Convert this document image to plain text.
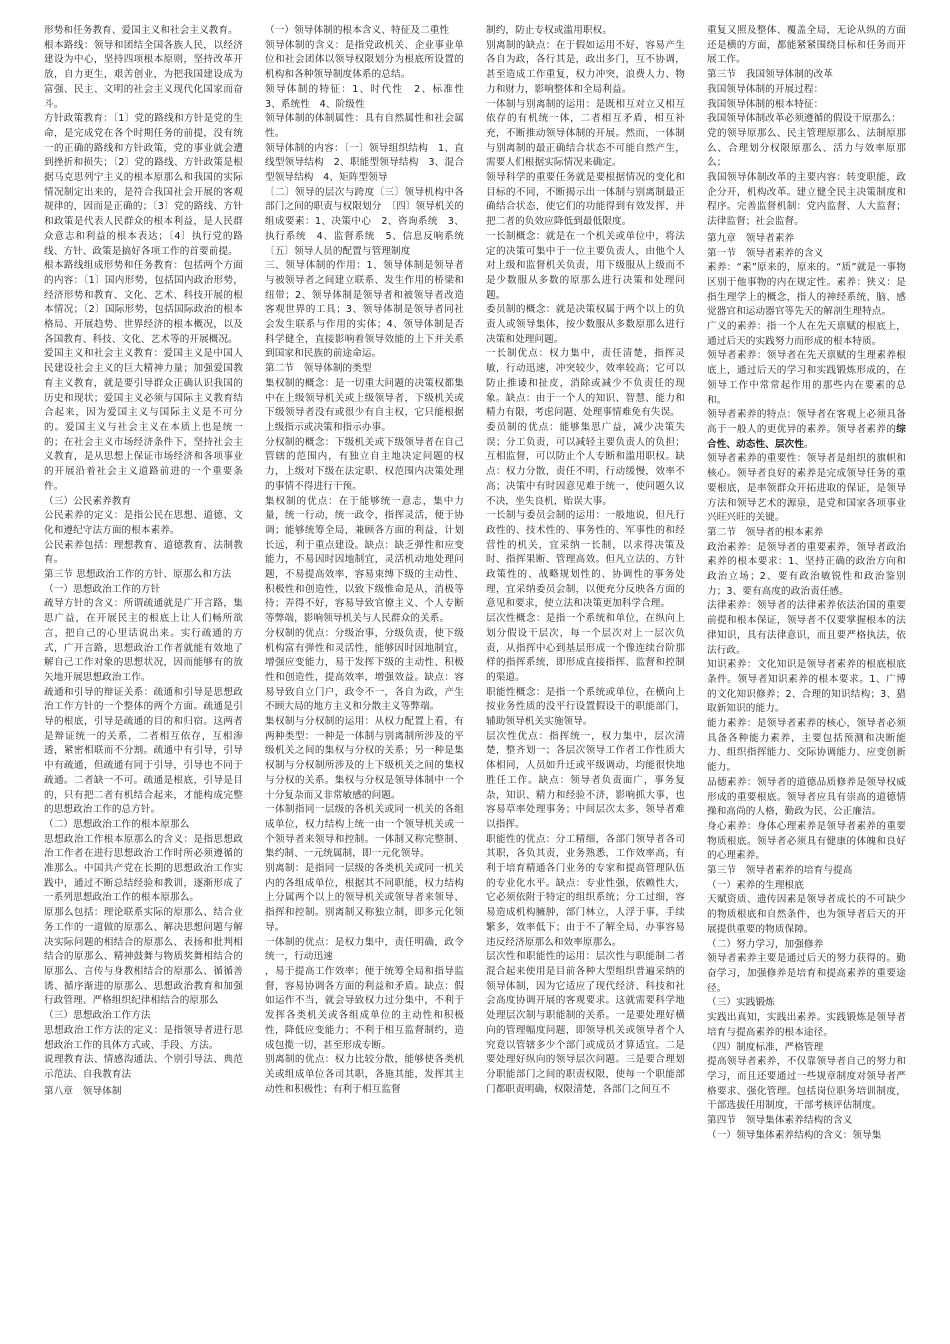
形势和任务教育、爱国主义和社会主义教育。

根本路线：领导和团结全国各族人民，以经济建设为中心，坚持四项根本原则，坚持改革开放，自力更生，艰苦创业，为把我国建设成为富强、民主、文明的社会主义现代化国家而奋斗。

方针政策教育：〔1〕党的路线和方针是党的生命，是完成党在各个时期任务的前提，没有统一的正确的路线和方针政策，党的事业就会遭到挫折和损失；〔2〕党的路线、方针政策是根据马克思列宁主义的根本原那么和我国的实际情况制定出来的，是符合我国社会开展的客观规律的，因而是正确的；〔3〕党的路线、方针和政策是代表人民群众的根本利益，是人民群众意志和利益的根本表达；〔4〕执行党的路线、方针、政策是搞好各项工作的首要前提。

根本路线组成形势和任务教育：包括两个方面的内容：〔1〕国内形势，包括国内政治形势，经济形势和教育、文化、艺术、科技开展的根本情况；〔2〕国际形势，包括国际政治的根本格局、开展趋势、世界经济的根本概况，以及各国教育、科技、文化、艺术等的开展概况。

爱国主义和社会主义教育：爱国主义是中国人民建设社会主义的巨大精神力量；加强爱国教育主义教育，就是要引导群众正确认识我国的历史和现状；爱国主义必须与国际主义教育结合起来，因为爱国主义与国际主义是不可分的。爱国主义与社会主义在本质上也是统一的；在社会主义市场经济条件下，坚持社会主义教育，是从思想上保证市场经济和各项事业的开展沿着社会主义道路前进的一个重要条件。

（三）公民素养教育

公民素养的定义：是指公民在思想、道德、文化和遵纪守法方面的根本素养。

公民素养包括：理想教育、道德教育、法制教育。

第三节 思想政治工作的方针、原那么和方法

（一）思想政治工作的方针

疏导方针的含义：所谓疏通就是广开言路，集思广益，在开展民主的根底上让人们畅所欲言，把自己的心里话说出来。实行疏通的方式，广开言路，思想政治工作者就能有效地了解自己工作对象的思想状况，因而能够有的放矢地开展思想政治工作。

疏通和引导的辩证关系：疏通和引导是思想政治工作方针的一个整体的两个方面。疏通是引导的根底，引导是疏通的目的和归宿。这两者是辩证统一的关系，二者相互依存，互相渗透，紧密相联而不分割。疏通中有引导，引导中有疏通，但疏通有同于引导，引导也不同于疏通。二者缺一不可。疏通是根底，引导是目的，只有把二者有机结合起来，才能构成完整的思想政治工作的总方针。

（二）思想政治工作的根本原那么

思想政治工作根本原那么的含义：是指思想政治工作者在进行思想政治工作时所必须遵循的准那么。中国共产党在长期的思想政治工作实践中，通过不断总结经验和教训，逐渐形成了一系列思想政治工作的根本原那么。

原那么包括：理论联系实际的原那么、结合业务工作的一道做的原那么、解决思想问题与解决实际问题的相结合的原那么、表扬和批判相结合的原那么、精神鼓舞与物质奖舞相结合的原那么、言传与身教相结合的原那么、循循善诱、循序渐进的原那么、思想政治教育和加强行政管理、严格组织纪律相结合的原那么

（三）思想政治工作方法

思想政治工作方法的定义：是指领导者进行思想政治工作的具体方式或、手段、方法。

说理教育法、情感沟通法、个别引导法、典范示范法、自我教育法

第八章　领导体制

（一）领导体制的根本含义、特征及二重性

领导体制的含义：是指党政机关、企业事业单位和社会团体以领导权限划分为根底所设置的机构和各种领导制度体系的总结。

领导体制的特征：1、时代性　2、标准性　3、系统性　4、阶级性

领导体制的体制属性：具有自然属性和社会属性。

领导体制的内容：〔一〕领导组织结构　1、直线型领导结构　2、职能型领导结构　3、混合型领导结构　4、矩阵型领导

〔二〕领导的层次与跨度〔三〕领导机构中各部门之间的职责与权限划分　〔四〕领导机关的组成要素：1、决策中心　2、咨询系统　3、执行系统　4、监督系统　5、信息反响系统　〔五〕领导人员的配置与管理制度

三、领导体制的作用：1、领导体制是领导者与被领导者之间建立联系、发生作用的桥梁和纽带；2、领导体制是领导者和被领导者改造客观世界的工具；3、领导体制是领导者同社会发生联系与作用的实体；4、领导体制是否科学健全，直接影响着领导效能的上下并关系到国家和民族的前途命运。

第二节　领导体制的类型

集权制的概念：是一切重大问题的决策权都集中在上级领导机关或上级领导者，下级机关或下级领导者没有或很少有自主权，它只能根据上级指示或决策和指示办事。

分权制的概念：下级机关或下级领导者在自己管辖的范围内，有独立自主地决定问题的权力，上级对下级在法定职、权范围内决策处理的事情不得进行干预。

集权制的优点：在于能够统一意志，集中力量，统一行动，统一政令，指挥灵活，便于协调；能够统筹全局，兼顾各方面的利益，计划长远，利于重点建设。缺点：缺乏弹性和应变能力，不易因时因地制宜，灵活机动地处理问题，不易提高效率，容易束缚下级的主动性、积极性和创造性，以致下级惟命是从，消极等待；弄得不好，容易导致官僚主义、个人专断等弊端，影响领导机关与人民群众的关系。

分权制的优点：分级治事，分级负责，使下级机构富有弹性和灵活性，能够因时因地制宜，增强应变能力，易于发挥下级的主动性、积极性和创造性，提高效率，增强效益。缺点：容易导致自立门户，政令不一，各自为政，产生不顾大局的地方主义和分散主义等弊端。

集权制与分权制的运用：从权力配置上看，有两种类型：一种是一体制与别离制所涉及的平级机关之间的集权与分权的关系；另一种是集权制与分权制所涉及的上下级机关之间的集权与分权的关系。集权与分权是领导体制中一个十分复杂而又非常敏感的问题。

一体制指同一层级的各机关或同一机关的各组成单位，权力结构上统一由一个领导机关或一个领导者来领导和控制。一体制又称完整制、集约制、一元统属制，即一元化领导。

别离制：是指同一层级的各类机关或同一机关内的各组成单位，根据其不同职能，权力结构上分属两个以上的领导机关或领导者来领导、指挥和控制。别离制又称独立制，即多元化领导。

一体制的优点：是权力集中，责任明确，政令统一，行动迅速

，易于提高工作效率；便于统筹全局和指导监督，容易协调各方面的利益和矛盾。缺点：假如运作不当，就会导致权力过分集中，不利于发挥各类机关或各组成单位的主动性和积极性，降低应变能力；不利于相互监督制约，造成包揽一切，甚至形成专断。

别离制的优点：权力比较分散，能够使各类机关或组成单位各司其职，各施其能，发挥其主动性和积极性；有利于相互监督

制约，防止专权或滥用职权。

别离制的缺点：在于假如运用不好，容易产生各自为政，各行其是，政出多门，互不协调，甚至造成工作重复，权力冲突，浪费人力、物力和财力，影响整体和全局利益。

一体制与别离制的运用：是既相互对立又相互依存的有机统一体，二者相互矛盾，相互补充，不断推动领导体制的开展。然而，一体制与别离制的最正确结合状态不可能自然产生，需要人们根据实际情况来确定。

领导科学的重要任务就是要根据情况的变化和目标的不同，不断揭示出一体制与别离制最正确结合状态，使它们的功能得到有效发挥，并把二者的负效应降低到最低限度。

一长制概念：就是在一个机关或单位中，将法定的决策可集中于一位主要负责人，由他个人对上级和监督机关负责，用下级服从上级而不是少数服从多数的原那么进行决策和处理问题。

委员制的概念：就是决策权属于两个以上的负责人或领导集体，按少数服从多数原那么进行决策和处理问题。

一长制优点：权力集中，责任清楚，指挥灵敏，行动迅速，冲突较少，效率较高；它可以防止推诿和扯皮，消除或减少不负责任的现象。缺点：由于一个人的知识、智慧、能力和精力有限，考虑问题、处理事情难免有失误。

委员制的优点：能够集思广益，减少决策失误；分工负责，可以减轻主要负责人的负担；互相监督，可以防止个人专断和滥用职权。缺点：权力分散，责任不明，行动缓慢，效率不高；决策中有时因意见难于统一，使问题久议不决，坐失良机，贻误大事。

一长制与委员会制的运用：一般地说，但凡行政性的、技术性的、事务性的、军事性的和经营性的机关，宜采纳一长制，以求得决策及时、指挥果断、管理高效。但凡立法的、方针政策性的、战略规划性的、协调性的事务处理，宜采纳委员会制，以便充分反映各方面的意见和要求，使立法和决策更加科学合理。

层次性概念：是指一个系统和单位，在纵向上划分假设干层次，每一个层次对上一层次负责，从指挥中心到基层形成一个像连续台阶那样的指挥系统，即形成直接指挥、监督和控制的渠道。

职能性概念：是指一个系统或单位，在横向上按业务性质的没平行设置假设干的职能部门，辅助领导机关实施领导。

层次性优点：指挥统一，权力集中，层次清楚，整齐划一；各层次领导工作者工作性质大体相同，人员如升迁或平级调动，均能很快地胜任工作。缺点：领导者负责面广，事务复杂，知识、精力和经验不济，影响抓大事，也容易草率处理事务；中间层次太多，领导者难以指挥。

职能性的优点：分工精细，各部门领导者各司其职，各负其责，业务熟悉，工作效率高，有利于培育精通各门业务的专家和提高管理队伍的专业化水平。缺点：专业性强，依赖性大，它必须依附于特定的组织系统；分工过细，容易造成机构臃肿，部门林立，人浮于事，手续繁多，效率低下；由于不了解全局，办事容易违反经济原那么和效率原那么。

层次性和职能性的运用：层次性与职能制二者混合起来使用是目前各种大型组织普遍采纳的领导体制，因为它适应了现代经济、科技和社会高度协调开展的客观要求。这就需要科学地处理层次制与职能制的关系。一是要处理好横向的管理幅度问题，即领导机关或领导者个人究竟以管辖多少个部门或成员才算适宜。二是要处理好纵向的领导层次问题。三是要合理划分职能部门之间的职责权限，使每一个职能部门都职责明确，权限清楚，各部门之间互不

重复又照及整体、覆盖全局，无论从纵的方面还是横的方面，都能紧紧围绕目标和任务而开展工作。

第三节　我国领导体制的改革

我国领导体制的开展过程：

我国领导体制的根本特征：

我国领导体制改革必须遵循的假设干原那么：

党的领导原那么、民主管理原那么、法制原那么、合理划分权限原那么、活力与效率原那么；

我国领导体制改革的主要内容：转变职能，政企分开，机构改革。建立健全民主决策制度和程序。完善监督机制：党内监督、人大监督；法律监督；社会监督。

第九章　领导者素养

第一节　领导者素养的含义

素养：“素”原来的，原来的。“质”就是一事物区别于他事物的内在规定性。素养：狭义：是指生理学上的概念，指人的神经系统、脑、感觉器官和运动器官等先天的解剖生理特点。

广义的素养：指一个人在先天禀赋的根底上，通过后天的实践努力而形成的根本特质。

领导者素养：领导者在先天禀赋的生理素养根底上，通过后天的学习和实践锻炼形成的，在领导工作中常常起作用的那些内在要素的总和。

领导者素养的特点：领导者在客观上必须具备高于一般人的更优异的素养。领导者素养的综合性、动态性、层次性。

领导者素养的重要性：领导者是组织的旗帜和核心。领导者良好的素养是完成领导任务的重要根底，是率领群众开拓进取的保证，是领导方法和领导艺术的源泉，是党和国家各项事业兴旺兴旺的关键。

第二节　领导者的根本素养

政治素养：是领导者的重要素养，领导者政治素养的根本要求：1、坚持正确的政治方向和政治立场；2、要有政治敏锐性和政治鉴别力；3、要有高度的政治责任感。

法律素养：领导者的法律素养依法治国的重要前提和根本保证，领导者不仅要掌握根本的法律知识，具有法律意识，而且要严格执法，依法行政。

知识素养：文化知识是领导者素养的根底根底条件。领导者知识素养的根本要求。1、广博的文化知识修养；2、合理的知识结构；3、猎取新知识的能力。

能力素养：是领导者素养的核心，领导者必须具备各种能力素养，主要包括预测和决断能力、组织指挥能力、交际协调能力、应变创新能力。

品德素养：领导者的道德品质修养是领导权威形成的重要根底。领导者应具有崇高的道德情操和高尚的人格，勤政为民、公正廉洁。

身心素养：身体心理素养是领导者素养的重要物质根底。领导者必须具有健康的体魄和良好的心理素养。

第三节　领导者素养的培育与提高

（一）素养的生理根底

天赋资质、遗传因素是领导者成长的不可缺少的物质根底和自然条件，也为领导者后天的开展提供重要的物质保障。

（二）努力学习，加强修养

领导者素养主要是通过后天的努力获得的。勤奋学习，加强修养是培育和提高素养的重要途径。

（三）实践锻炼

实践出真知，实践出素养。实践锻炼是领导者培育与提高素养的根本途径。

（四）制度标准，严格管理

提高领导者素养，不仅靠领导者自己的努力和学习，而且还要通过一些规章制度对领导者严格要求、强化管理。包括岗位职务培训制度，干部选拔任用制度，干部考核评估制度。

第四节　领导集体素养结构的含义

（一）领导集体素养结构的含义：领导集
